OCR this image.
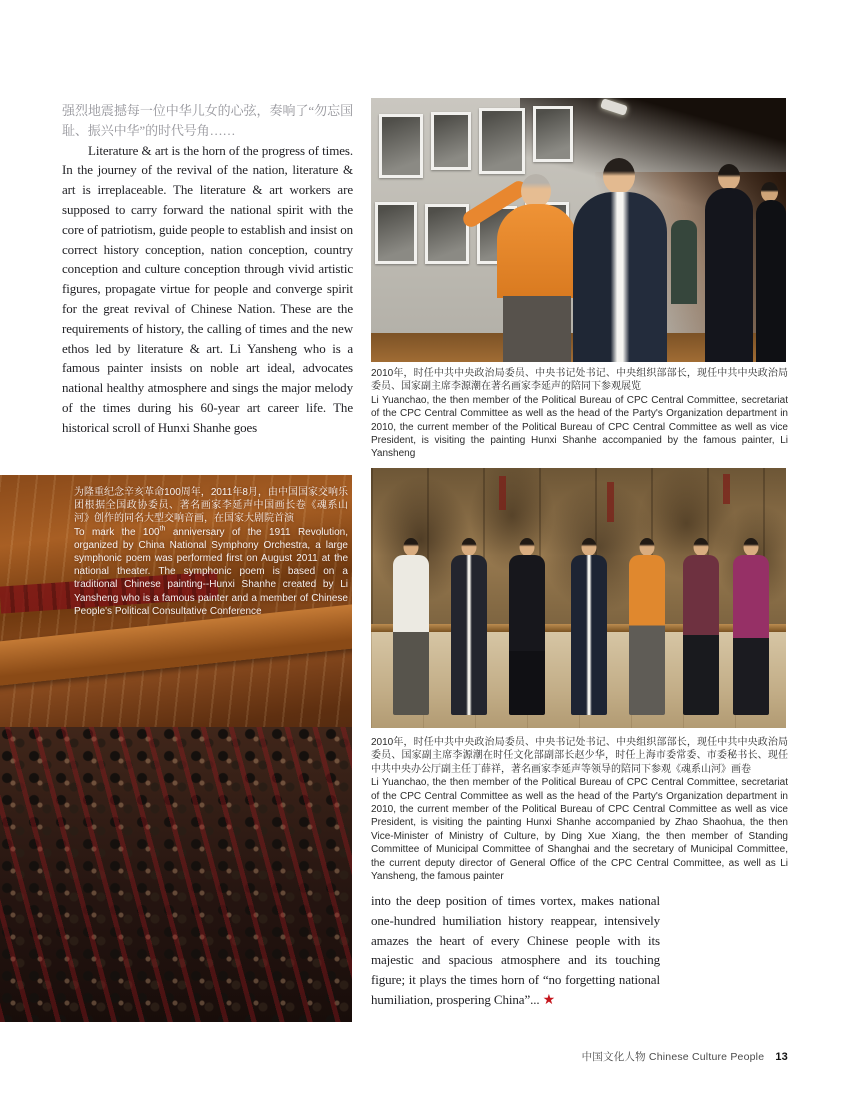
强烈地震撼每一位中华儿女的心弦，奏响了“勿忘国耻、振兴中华”的时代号角……

Literature & art is the horn of the progress of times. In the journey of the revival of the nation, literature & art is irreplaceable. The literature & art workers are supposed to carry forward the national spirit with the core of patriotism, guide people to establish and insist on correct history conception, nation conception, country conception and culture conception through vivid artistic figures, propagate virtue for people and converge spirit for the great revival of Chinese Nation. These are the requirements of history, the calling of times and the new ethos led by literature & art. Li Yansheng who is a famous painter insists on noble art ideal, advocates national healthy atmosphere and sings the major melody of the times during his 60-year art career life. The historical scroll of Hunxi Shanhe goes

2010年，时任中共中央政治局委员、中央书记处书记、中央组织部部长，现任中共中央政治局委员、国家副主席李源潮在著名画家李延声的陪同下参观展览

Li Yuanchao, the then member of the Political Bureau of CPC Central Committee, secretariat of the CPC Central Committee as well as the head of the Party's Organization department in 2010, the current member of the Political Bureau of CPC Central Committee as well as vice President, is visiting the painting Hunxi Shanhe accompanied by the famous painter, Li Yansheng

2010年，时任中共中央政治局委员、中央书记处书记、中央组织部部长，现任中共中央政治局委员、国家副主席李源潮在时任文化部副部长赵少华，时任上海市委常委、市委秘书长、现任中共中央办公厅副主任丁薛祥，著名画家李延声等领导的陪同下参观《魂系山河》画卷

Li Yuanchao, the then member of the Political Bureau of CPC Central Committee, secretariat of the CPC Central Committee as well as the head of the Party's Organization department in 2010, the current member of the Political Bureau of CPC Central Committee as well as vice President, is visiting the painting Hunxi Shanhe accompanied by Zhao Shaohua, the then Vice-Minister of Ministry of Culture, by Ding Xue Xiang, the then member of Standing Committee of Municipal Committee of Shanghai and the secretary of Municipal Committee, the current deputy director of General Office of the CPC Central Committee, as well as Li Yansheng, the famous painter

为隆重纪念辛亥革命100周年，2011年8月，由中国国家交响乐团根据全国政协委员、著名画家李延声中国画长卷《魂系山河》创作的同名大型交响音画，在国家大剧院首演

To mark the 100th anniversary of the 1911 Revolution, organized by China National Symphony Orchestra, a large symphonic poem was performed first on August 2011 at the national theater. The symphonic poem is based on a traditional Chinese painting--Hunxi Shanhe created by Li Yansheng who is a famous painter and a member of Chinese People's Political Consultative Conference

into the deep position of times vortex, makes national one-hundred humiliation history reappear, intensively amazes the heart of every Chinese people with its majestic and spacious atmosphere and its touching figure; it plays the times horn of “no forgetting national humiliation, prospering China”... ★

中国文化人物 Chinese Culture People 13
